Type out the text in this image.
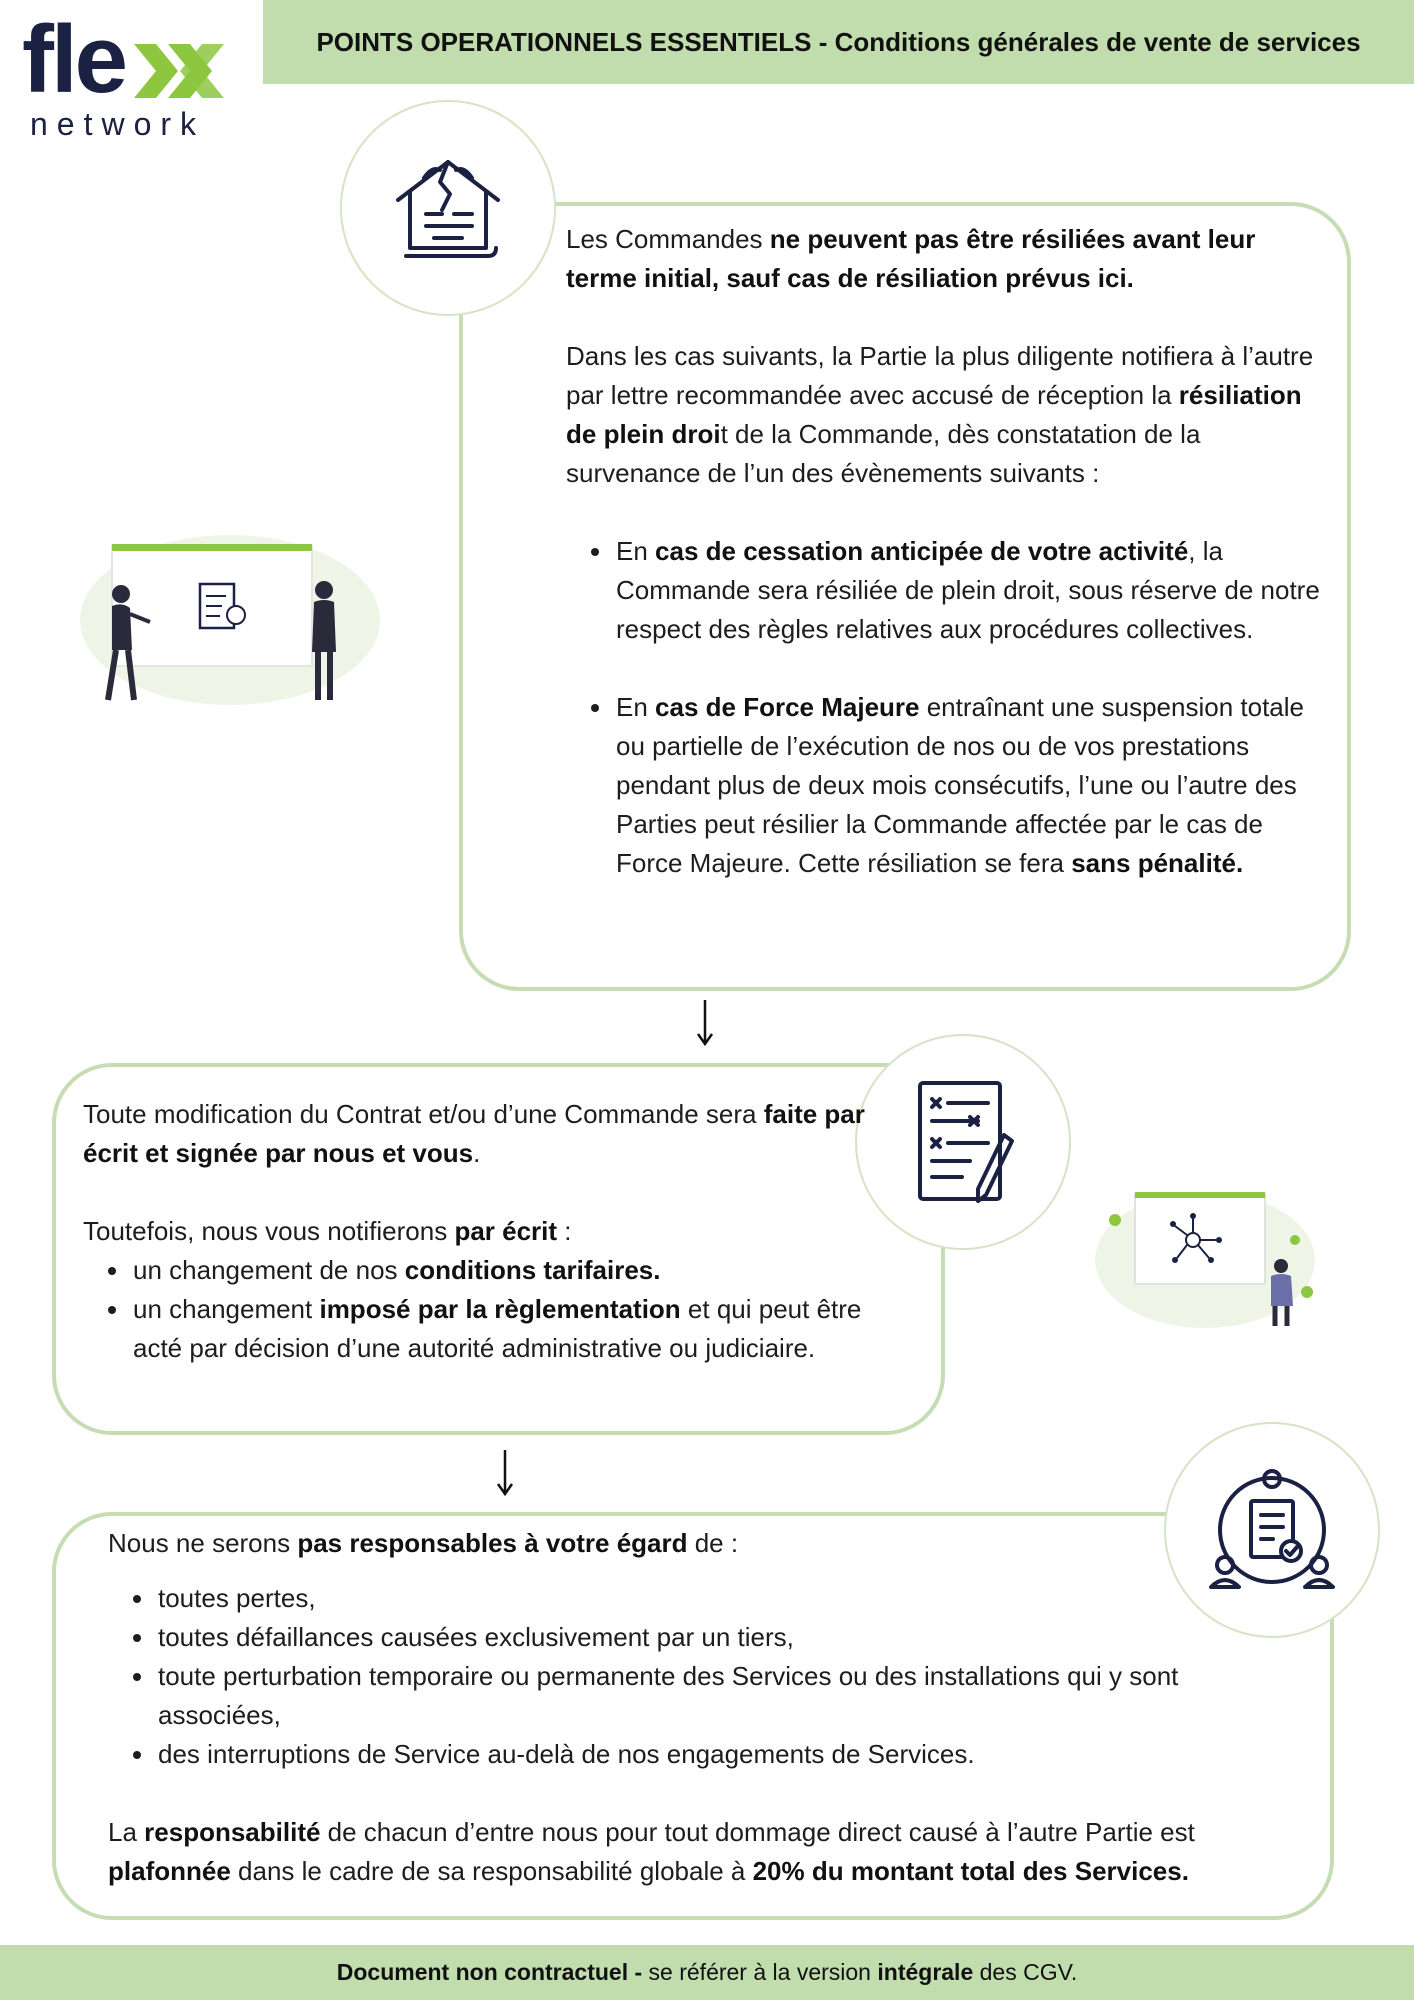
fle
network
POINTS OPERATIONNELS ESSENTIELS - Conditions générales de vente de services

Les Commandes ne peuvent pas être résiliées avant leur terme initial, sauf cas de résiliation prévus ici.

Dans les cas suivants, la Partie la plus diligente notifiera à l’autre par lettre recommandée avec accusé de réception la résiliation de plein droit de la Commande, dès constatation de la survenance de l’un des évènements suivants :

• En cas de cessation anticipée de votre activité, la Commande sera résiliée de plein droit, sous réserve de notre respect des règles relatives aux procédures collectives.
• En cas de Force Majeure entraînant une suspension totale ou partielle de l’exécution de nos ou de vos prestations pendant plus de deux mois consécutifs, l’une ou l’autre des Parties peut résilier la Commande affectée par le cas de Force Majeure. Cette résiliation se fera sans pénalité.

Toute modification du Contrat et/ou d’une Commande sera faite par écrit et signée par nous et vous.

Toutefois, nous vous notifierons par écrit :

• un changement de nos conditions tarifaires.
• un changement imposé par la règlementation et qui peut être acté par décision d’une autorité administrative ou judiciaire.

Nous ne serons pas responsables à votre égard de :

• toutes pertes,
• toutes défaillances causées exclusivement par un tiers,
• toute perturbation temporaire ou permanente des Services ou des installations qui y sont associées,
• des interruptions de Service au-delà de nos engagements de Services.

La responsabilité de chacun d’entre nous pour tout dommage direct causé à l’autre Partie est plafonnée dans le cadre de sa responsabilité globale à 20% du montant total des Services.

Document non contractuel - se référer à la version intégrale des CGV.
